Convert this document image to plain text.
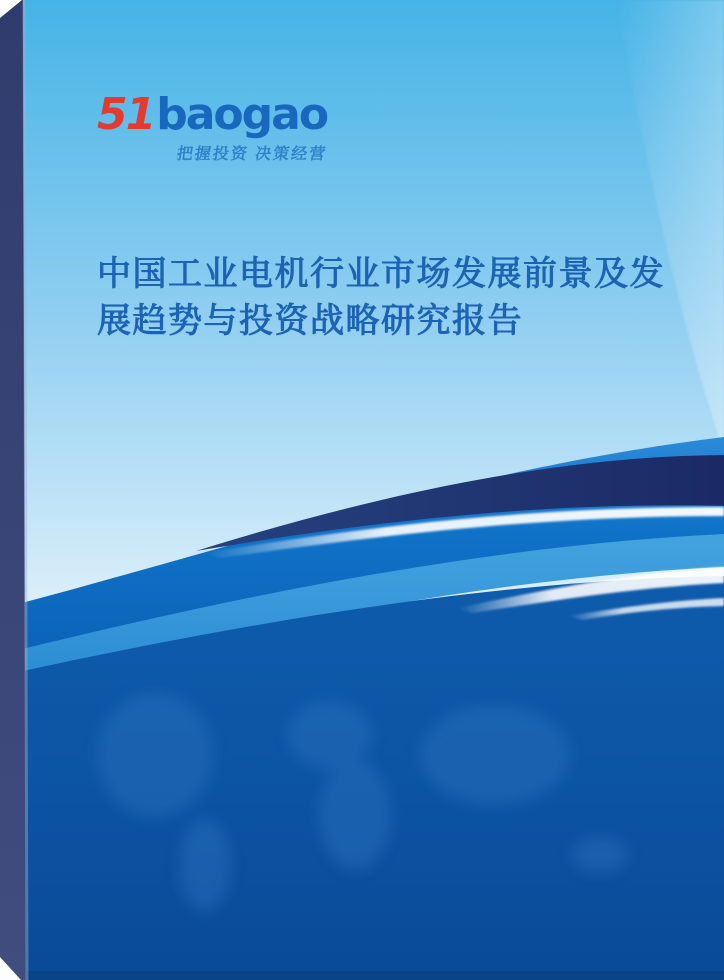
51baogao
把握投资 决策经营
中国工业电机行业市场发展前景及发
展趋势与投资战略研究报告
